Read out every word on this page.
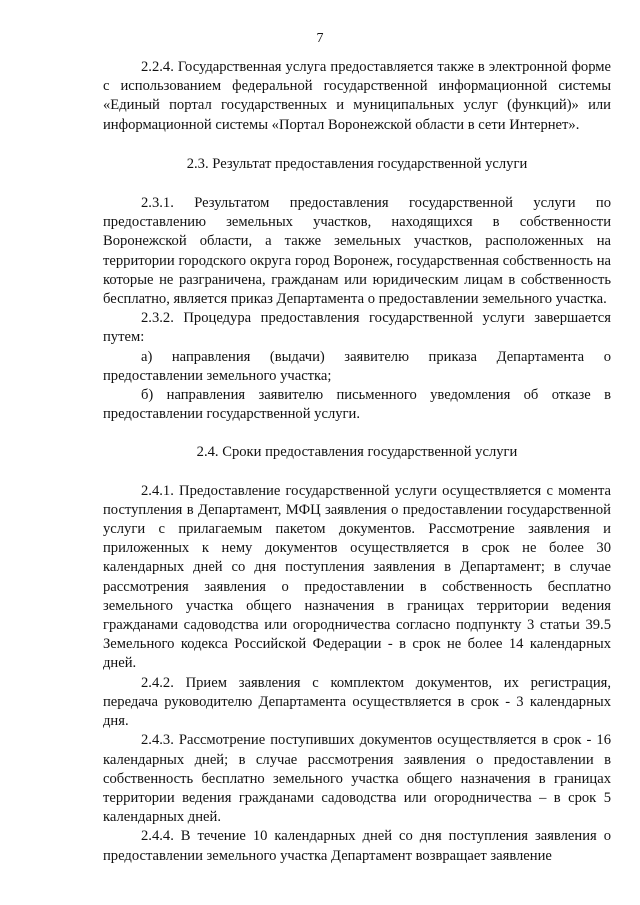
7

2.2.4. Государственная услуга предоставляется также в электронной форме с использованием федеральной государственной информационной системы «Единый портал государственных и муниципальных услуг (функций)» или информационной системы «Портал Воронежской области в сети Интернет».

2.3. Результат предоставления государственной услуги

2.3.1. Результатом предоставления государственной услуги по предоставлению земельных участков, находящихся в собственности Воронежской области, а также земельных участков, расположенных на территории городского округа город Воронеж, государственная собственность на которые не разграничена, гражданам или юридическим лицам в собственность бесплатно, является приказ Департамента о предоставлении земельного участка.

2.3.2. Процедура предоставления государственной услуги завершается путем:

а) направления (выдачи) заявителю приказа Департамента о предоставлении земельного участка;

б) направления заявителю письменного уведомления об отказе в предоставлении государственной услуги.

2.4. Сроки предоставления государственной услуги

2.4.1. Предоставление государственной услуги осуществляется с момента поступления в Департамент, МФЦ заявления о предоставлении государственной услуги с прилагаемым пакетом документов. Рассмотрение заявления и приложенных к нему документов осуществляется в срок не более 30 календарных дней со дня поступления заявления в Департамент; в случае рассмотрения заявления о предоставлении в собственность бесплатно земельного участка общего назначения в границах территории ведения гражданами садоводства или огородничества согласно подпункту 3 статьи 39.5 Земельного кодекса Российской Федерации - в срок не более 14 календарных дней.

2.4.2. Прием заявления с комплектом документов, их регистрация, передача руководителю Департамента осуществляется в срок - 3 календарных дня.

2.4.3. Рассмотрение поступивших документов осуществляется в срок - 16 календарных дней; в случае рассмотрения заявления о предоставлении в собственность бесплатно земельного участка общего назначения в границах территории ведения гражданами садоводства или огородничества – в срок 5 календарных дней.

2.4.4. В течение 10 календарных дней со дня поступления заявления о предоставлении земельного участка Департамент возвращает заявление
